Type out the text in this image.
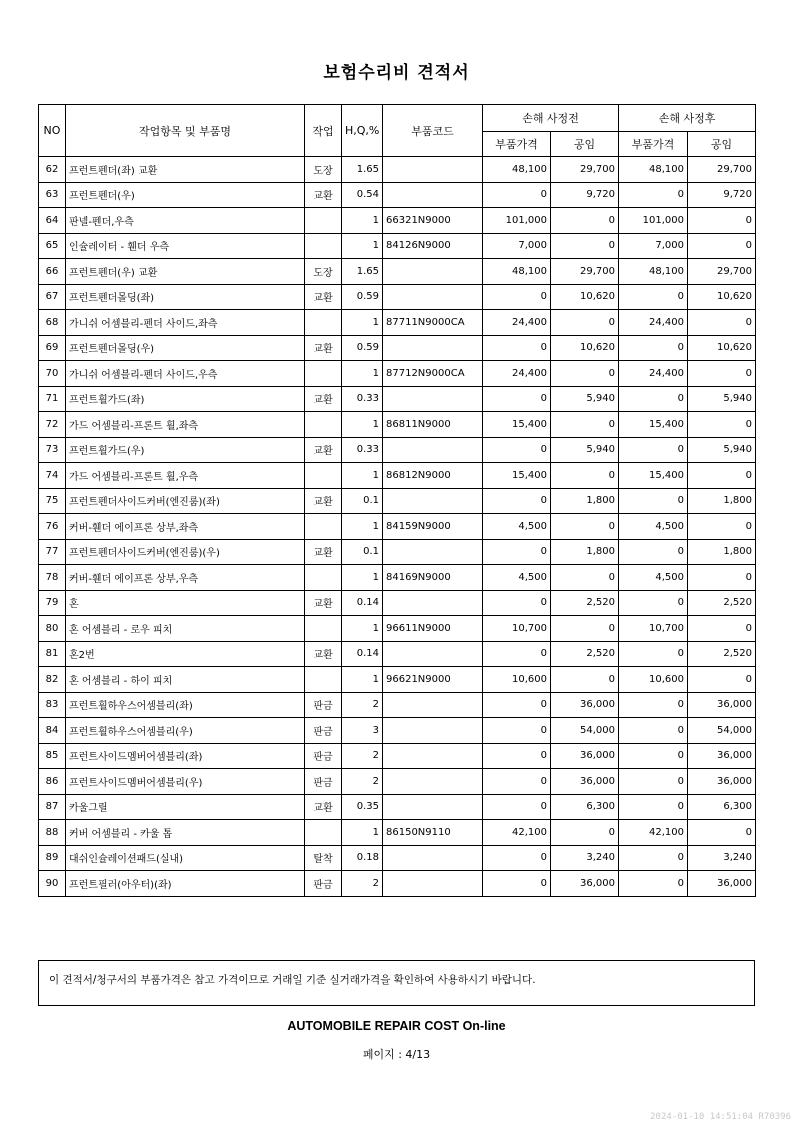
보험수리비 견적서
NO	작업항목 및 부품명	작업	H,Q,%	부품코드	손해 사정전		손해 사정후	
					부품가격	공임	부품가격	공임
62	프런트펜더(좌) 교환	도장	1.65		48,100	29,700	48,100	29,700
63	프런트펜더(우)	교환	0.54		0	9,720	0	9,720
64	판넬-펜더,우측		1	66321N9000	101,000	0	101,000	0
65	인슐레이터 - 휀더 우측		1	84126N9000	7,000	0	7,000	0
66	프런트펜더(우) 교환	도장	1.65		48,100	29,700	48,100	29,700
67	프런트펜더몰딩(좌)	교환	0.59		0	10,620	0	10,620
68	가니쉬 어셈블리-펜더 사이드,좌측		1	87711N9000CA	24,400	0	24,400	0
69	프런트펜더몰딩(우)	교환	0.59		0	10,620	0	10,620
70	가니쉬 어셈블리-펜더 사이드,우측		1	87712N9000CA	24,400	0	24,400	0
71	프런트휠가드(좌)	교환	0.33		0	5,940	0	5,940
72	가드 어셈블리-프론트 휠,좌측		1	86811N9000	15,400	0	15,400	0
73	프런트휠가드(우)	교환	0.33		0	5,940	0	5,940
74	가드 어셈블리-프론트 휠,우측		1	86812N9000	15,400	0	15,400	0
75	프런트펜더사이드커버(엔진룸)(좌)	교환	0.1		0	1,800	0	1,800
76	커버-휀더 에이프론 상부,좌측		1	84159N9000	4,500	0	4,500	0
77	프런트펜더사이드커버(엔진룸)(우)	교환	0.1		0	1,800	0	1,800
78	커버-휀더 에이프론 상부,우측		1	84169N9000	4,500	0	4,500	0
79	혼	교환	0.14		0	2,520	0	2,520
80	혼 어셈블리 - 로우 피치		1	96611N9000	10,700	0	10,700	0
81	혼2번	교환	0.14		0	2,520	0	2,520
82	혼 어셈블리 - 하이 피치		1	96621N9000	10,600	0	10,600	0
83	프런트휠하우스어셈블리(좌)	판금	2		0	36,000	0	36,000
84	프런트휠하우스어셈블리(우)	판금	3		0	54,000	0	54,000
85	프런트사이드멤버어셈블리(좌)	판금	2		0	36,000	0	36,000
86	프런트사이드멤버어셈블리(우)	판금	2		0	36,000	0	36,000
87	카울그릴	교환	0.35		0	6,300	0	6,300
88	커버 어셈블리 - 카울 톱		1	86150N9110	42,100	0	42,100	0
89	대쉬인슐레이션패드(실내)	탈착	0.18		0	3,240	0	3,240
90	프런트필러(아우터)(좌)	판금	2		0	36,000	0	36,000
이 견적서/청구서의 부품가격은 참고 가격이므로 거래일 기준 실거래가격을 확인하여 사용하시기 바랍니다.
AUTOMOBILE REPAIR COST On-line
페이지 : 4/13
2024-01-10 14:51:04 R70396
